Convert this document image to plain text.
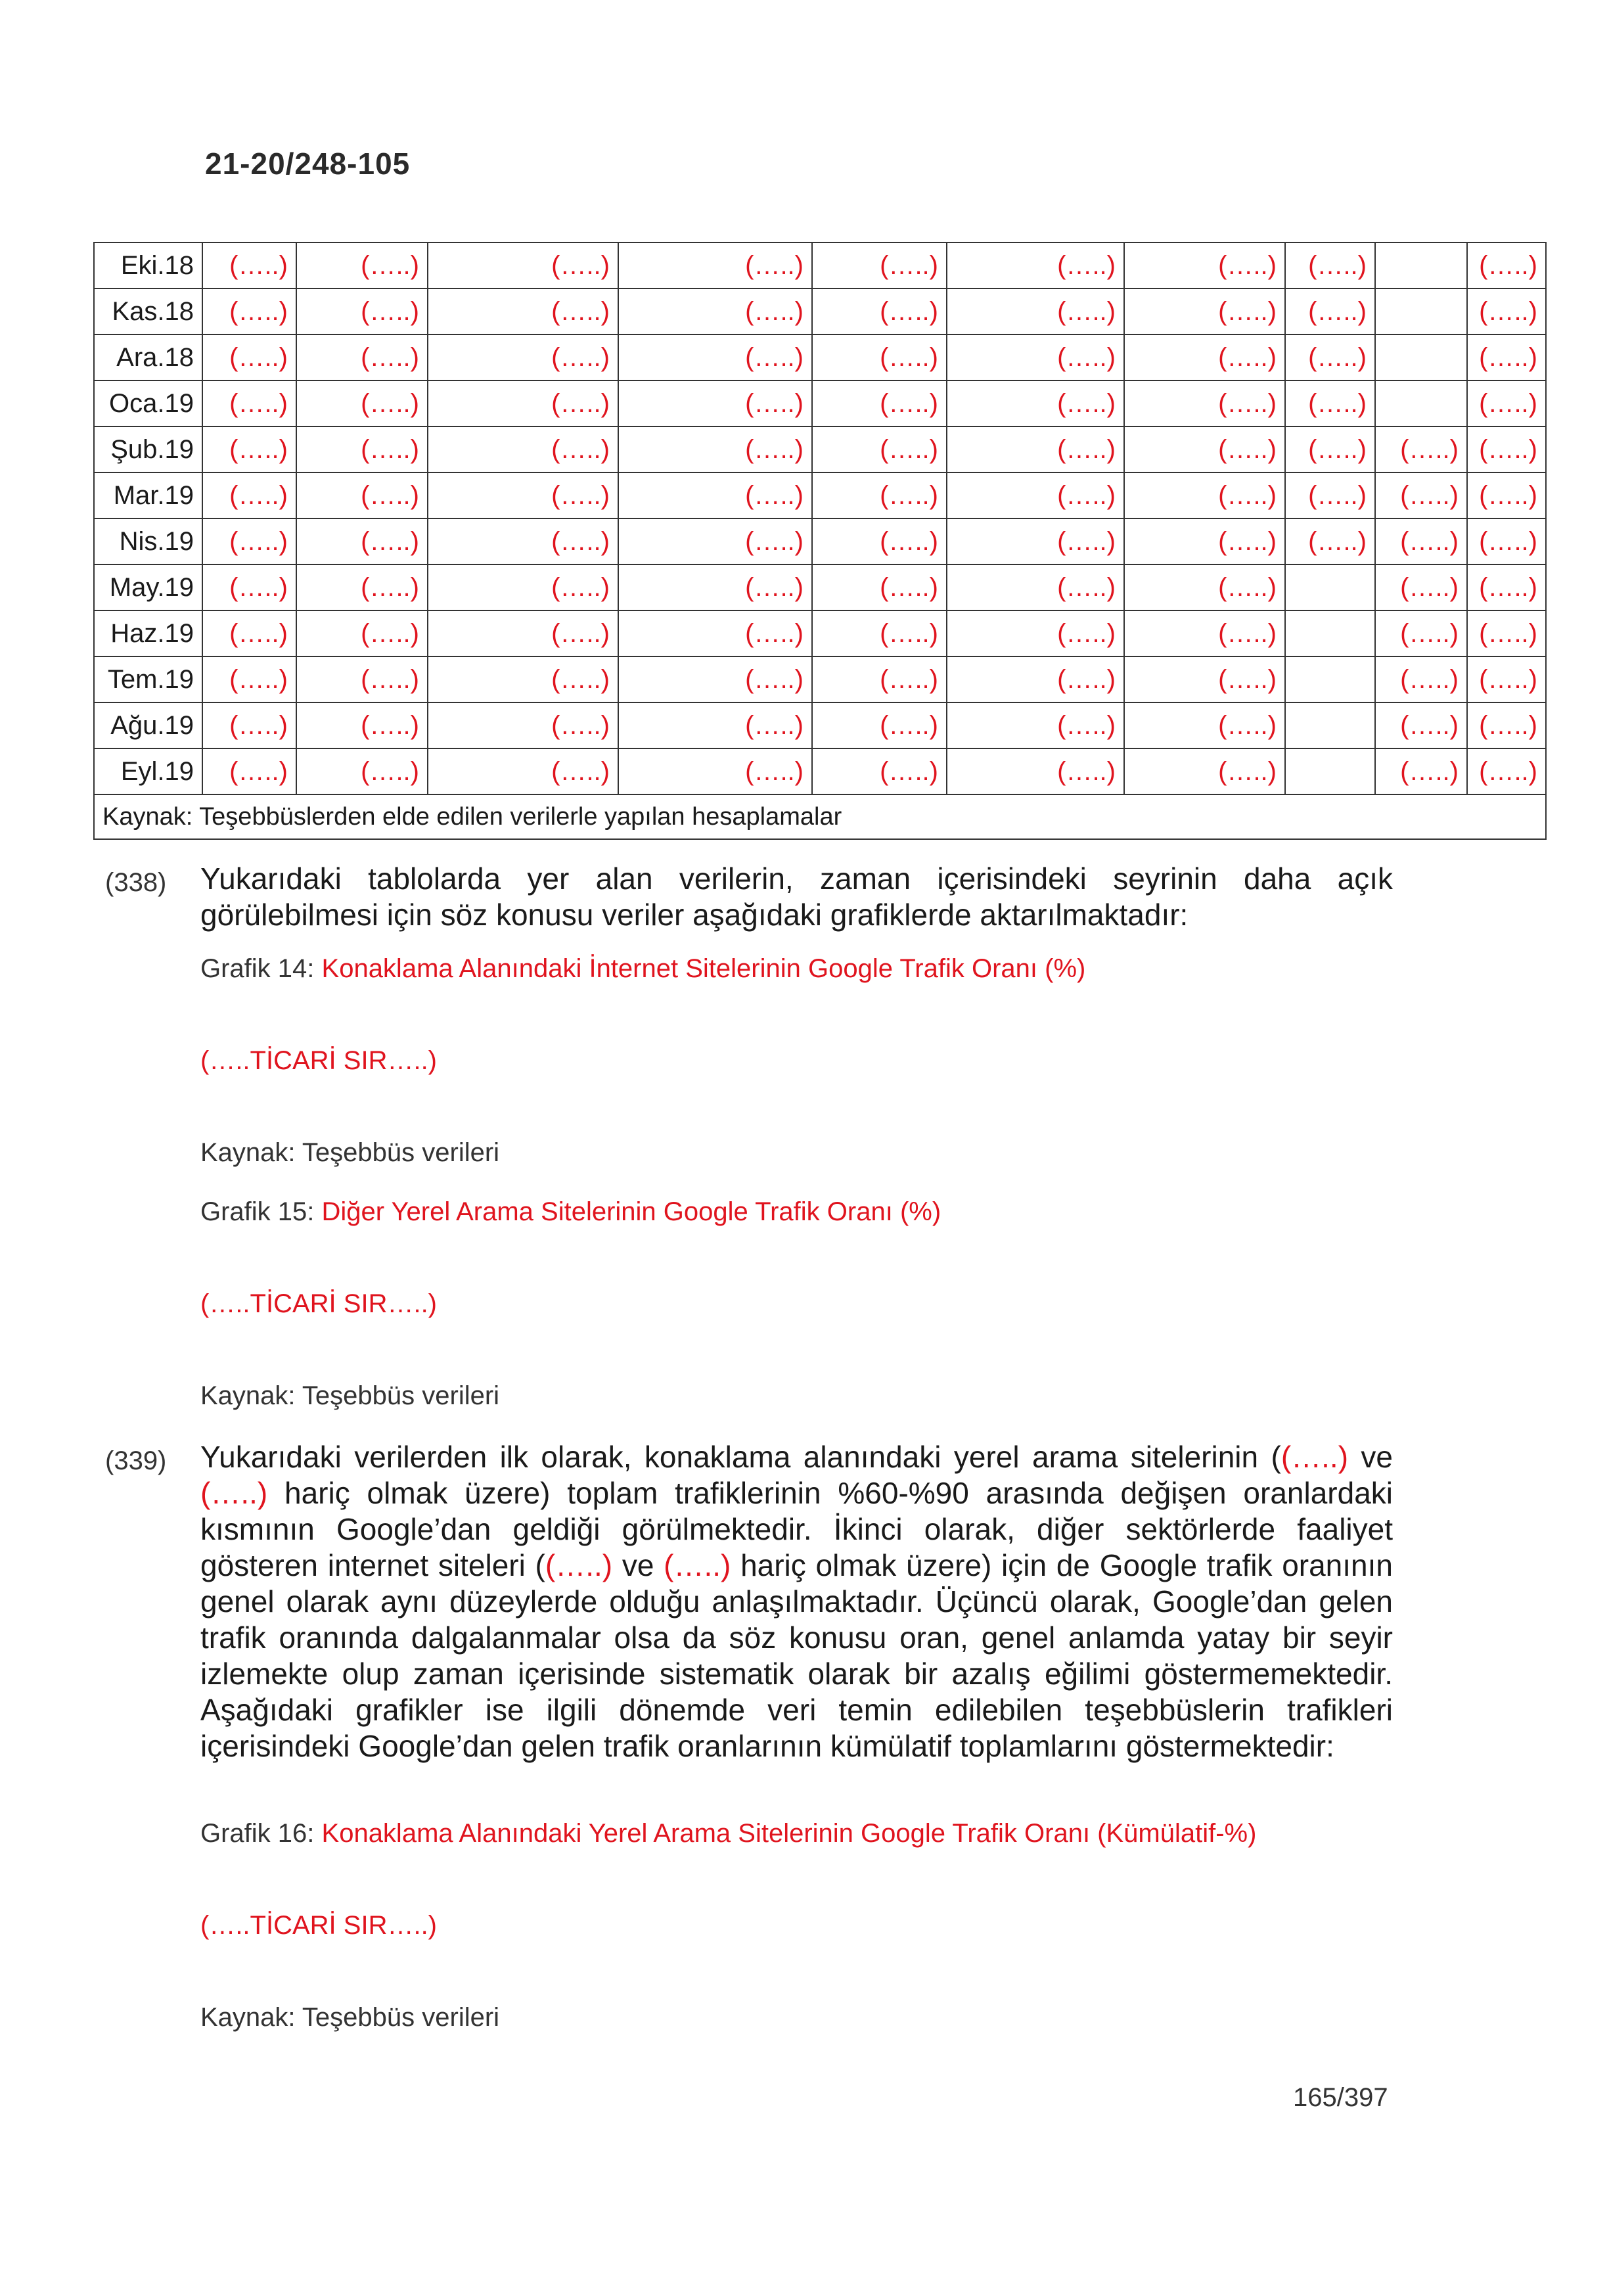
21-20/248-105
Eki.18	(…..)	(…..)	(…..)	(…..)	(…..)	(…..)	(…..)	(…..)		(…..)
Kas.18	(…..)	(…..)	(…..)	(…..)	(…..)	(…..)	(…..)	(…..)		(…..)
Ara.18	(…..)	(…..)	(…..)	(…..)	(…..)	(…..)	(…..)	(…..)		(…..)
Oca.19	(…..)	(…..)	(…..)	(…..)	(…..)	(…..)	(…..)	(…..)		(…..)
Şub.19	(…..)	(…..)	(…..)	(…..)	(…..)	(…..)	(…..)	(…..)	(…..)	(…..)
Mar.19	(…..)	(…..)	(…..)	(…..)	(…..)	(…..)	(…..)	(…..)	(…..)	(…..)
Nis.19	(…..)	(…..)	(…..)	(…..)	(…..)	(…..)	(…..)	(…..)	(…..)	(…..)
May.19	(…..)	(…..)	(…..)	(…..)	(…..)	(…..)	(…..)		(…..)	(…..)
Haz.19	(…..)	(…..)	(…..)	(…..)	(…..)	(…..)	(…..)		(…..)	(…..)
Tem.19	(…..)	(…..)	(…..)	(…..)	(…..)	(…..)	(…..)		(…..)	(…..)
Ağu.19	(…..)	(…..)	(…..)	(…..)	(…..)	(…..)	(…..)		(…..)	(…..)
Eyl.19	(…..)	(…..)	(…..)	(…..)	(…..)	(…..)	(…..)		(…..)	(…..)
Kaynak: Teşebbüslerden elde edilen verilerle yapılan hesaplamalar										
(338) Yukarıdaki tablolarda yer alan verilerin, zaman içerisindeki seyrinin daha açık görülebilmesi için söz konusu veriler aşağıdaki grafiklerde aktarılmaktadır:
Grafik 14: Konaklama Alanındaki İnternet Sitelerinin Google Trafik Oranı (%)
(…..TİCARİ SIR…..)
Kaynak: Teşebbüs verileri
Grafik 15: Diğer Yerel Arama Sitelerinin Google Trafik Oranı (%)
(…..TİCARİ SIR…..)
Kaynak: Teşebbüs verileri
(339) Yukarıdaki verilerden ilk olarak, konaklama alanındaki yerel arama sitelerinin ((…..) ve (…..) hariç olmak üzere) toplam trafiklerinin %60-%90 arasında değişen oranlardaki kısmının Google’dan geldiği görülmektedir. İkinci olarak, diğer sektörlerde faaliyet gösteren internet siteleri ((…..) ve (…..) hariç olmak üzere) için de Google trafik oranının genel olarak aynı düzeylerde olduğu anlaşılmaktadır. Üçüncü olarak, Google’dan gelen trafik oranında dalgalanmalar olsa da söz konusu oran, genel anlamda yatay bir seyir izlemekte olup zaman içerisinde sistematik olarak bir azalış eğilimi göstermemektedir. Aşağıdaki grafikler ise ilgili dönemde veri temin edilebilen teşebbüslerin trafikleri içerisindeki Google’dan gelen trafik oranlarının kümülatif toplamlarını göstermektedir:
Grafik 16: Konaklama Alanındaki Yerel Arama Sitelerinin Google Trafik Oranı (Kümülatif-%)
(…..TİCARİ SIR…..)
Kaynak: Teşebbüs verileri
165/397
